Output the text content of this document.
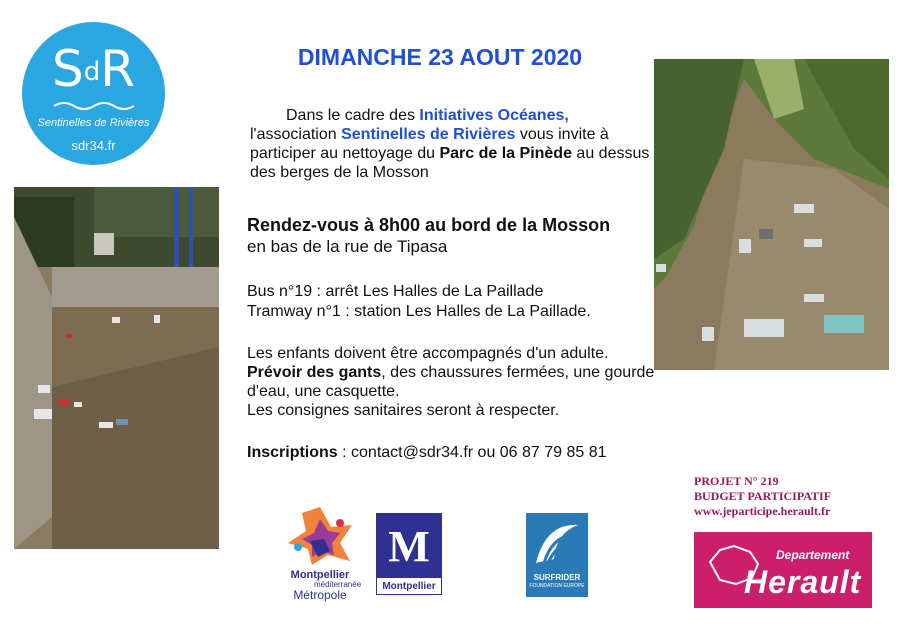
SdR
Sentinelles de Rivières
sdr34.fr
DIMANCHE 23 AOUT 2020
Dans le cadre des Initiatives Océanes,
l'association Sentinelles de Rivières vous invite à participer au nettoyage du Parc de la Pinède au dessus des berges de la Mosson
Rendez-vous à 8h00 au bord de la Mosson
en bas de la rue de Tipasa
Bus n°19 : arrêt Les Halles de La Paillade
Tramway n°1 : station Les Halles de La Paillade.
Les enfants doivent être accompagnés d'un adulte.
Prévoir des gants, des chaussures fermées, une gourde d'eau, une casquette.
Les consignes sanitaires seront à respecter.
Inscriptions : contact@sdr34.fr ou 06 87 79 85 81
Montpellier
méditerranée
Métropole
M
Montpellier
SURFRIDER
FOUNDATION EUROPE
PROJET N° 219
BUDGET PARTICIPATIF
www.jeparticipe.herault.fr
Departement
Herault
